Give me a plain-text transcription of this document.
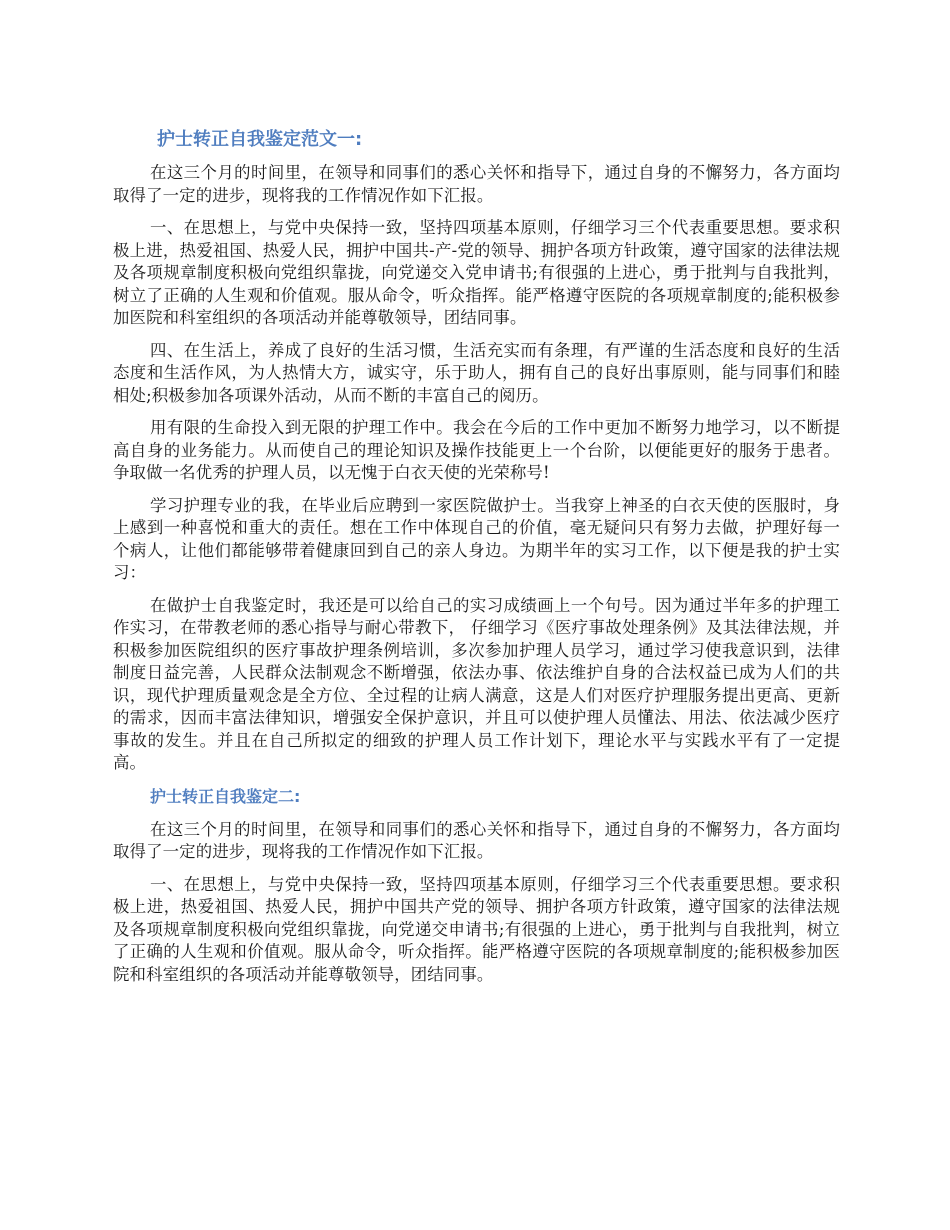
护士转正自我鉴定范文一:

在这三个月的时间里，在领导和同事们的悉心关怀和指导下，通过自身的不懈努力，各方面均取得了一定的进步，现将我的工作情况作如下汇报。

一、在思想上，与党中央保持一致，坚持四项基本原则，仔细学习三个代表重要思想。要求积极上进，热爱祖国、热爱人民，拥护中国共-产-党的领导、拥护各项方针政策，遵守国家的法律法规及各项规章制度积极向党组织靠拢，向党递交入党申请书;有很强的上进心，勇于批判与自我批判，树立了正确的人生观和价值观。服从命令，听众指挥。能严格遵守医院的各项规章制度的;能积极参加医院和科室组织的各项活动并能尊敬领导，团结同事。

四、在生活上，养成了良好的生活习惯，生活充实而有条理，有严谨的生活态度和良好的生活态度和生活作风，为人热情大方，诚实守，乐于助人，拥有自己的良好出事原则，能与同事们和睦相处;积极参加各项课外活动，从而不断的丰富自己的阅历。

用有限的生命投入到无限的护理工作中。我会在今后的工作中更加不断努力地学习，以不断提高自身的业务能力。从而使自己的理论知识及操作技能更上一个台阶，以便能更好的服务于患者。争取做一名优秀的护理人员，以无愧于白衣天使的光荣称号!

学习护理专业的我，在毕业后应聘到一家医院做护士。当我穿上神圣的白衣天使的医服时，身上感到一种喜悦和重大的责任。想在工作中体现自己的价值，毫无疑问只有努力去做，护理好每一个病人，让他们都能够带着健康回到自己的亲人身边。为期半年的实习工作，以下便是我的护士实习：

在做护士自我鉴定时，我还是可以给自己的实习成绩画上一个句号。因为通过半年多的护理工作实习，在带教老师的悉心指导与耐心带教下， 仔细学习《医疗事故处理条例》及其法律法规，并积极参加医院组织的医疗事故护理条例培训，多次参加护理人员学习，通过学习使我意识到，法律制度日益完善，人民群众法制观念不断增强，依法办事、依法维护自身的合法权益已成为人们的共识，现代护理质量观念是全方位、全过程的让病人满意，这是人们对医疗护理服务提出更高、更新的需求，因而丰富法律知识，增强安全保护意识，并且可以使护理人员懂法、用法、依法减少医疗事故的发生。并且在自己所拟定的细致的护理人员工作计划下，理论水平与实践水平有了一定提高。

护士转正自我鉴定二:

在这三个月的时间里，在领导和同事们的悉心关怀和指导下，通过自身的不懈努力，各方面均取得了一定的进步，现将我的工作情况作如下汇报。

一、在思想上，与党中央保持一致，坚持四项基本原则，仔细学习三个代表重要思想。要求积极上进，热爱祖国、热爱人民，拥护中国共产党的领导、拥护各项方针政策，遵守国家的法律法规及各项规章制度积极向党组织靠拢，向党递交申请书;有很强的上进心，勇于批判与自我批判，树立了正确的人生观和价值观。服从命令，听众指挥。能严格遵守医院的各项规章制度的;能积极参加医院和科室组织的各项活动并能尊敬领导，团结同事。
